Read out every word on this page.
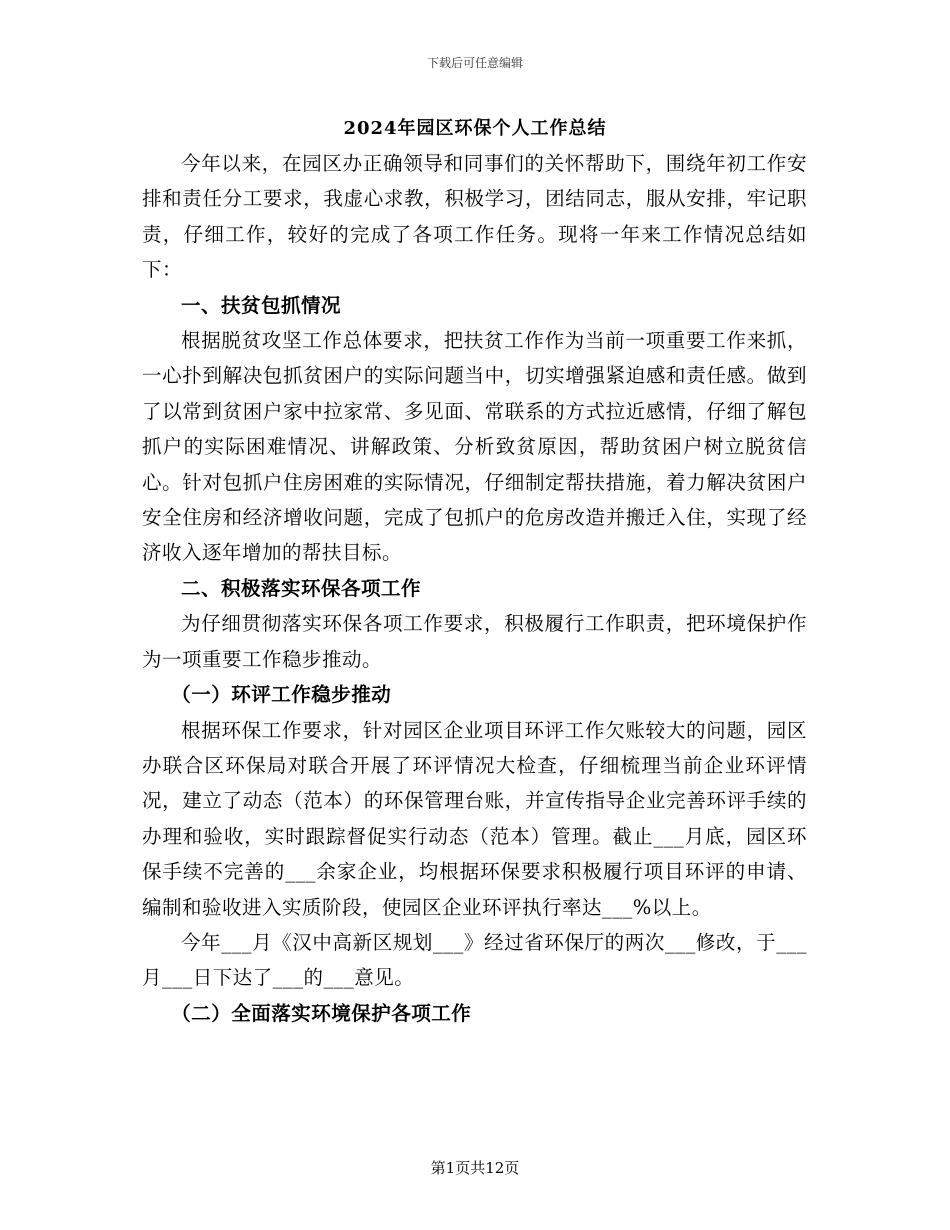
下载后可任意编辑
2024年园区环保个人工作总结

今年以来，在园区办正确领导和同事们的关怀帮助下，围绕年初工作安排和责任分工要求，我虚心求教，积极学习，团结同志，服从安排，牢记职责，仔细工作，较好的完成了各项工作任务。现将一年来工作情况总结如下：

一、扶贫包抓情况

根据脱贫攻坚工作总体要求，把扶贫工作作为当前一项重要工作来抓，一心扑到解决包抓贫困户的实际问题当中，切实增强紧迫感和责任感。做到了以常到贫困户家中拉家常、多见面、常联系的方式拉近感情，仔细了解包抓户的实际困难情况、讲解政策、分析致贫原因，帮助贫困户树立脱贫信心。针对包抓户住房困难的实际情况，仔细制定帮扶措施，着力解决贫困户安全住房和经济增收问题，完成了包抓户的危房改造并搬迁入住，实现了经济收入逐年增加的帮扶目标。

二、积极落实环保各项工作

为仔细贯彻落实环保各项工作要求，积极履行工作职责，把环境保护作为一项重要工作稳步推动。

（一）环评工作稳步推动

根据环保工作要求，针对园区企业项目环评工作欠账较大的问题，园区办联合区环保局对联合开展了环评情况大检查，仔细梳理当前企业环评情况，建立了动态（范本）的环保管理台账，并宣传指导企业完善环评手续的办理和验收，实时跟踪督促实行动态（范本）管理。截止___月底，园区环保手续不完善的___余家企业，均根据环保要求积极履行项目环评的申请、编制和验收进入实质阶段，使园区企业环评执行率达___%以上。

今年___月《汉中高新区规划___》经过省环保厅的两次___修改，于___月___日下达了___的___意见。

（二）全面落实环境保护各项工作

第1页共12页
